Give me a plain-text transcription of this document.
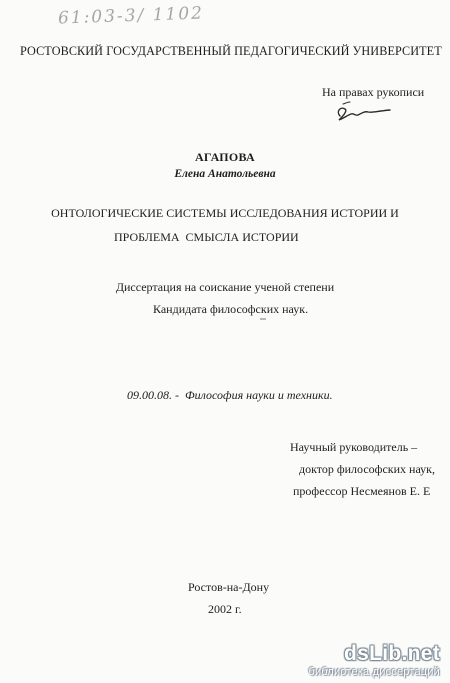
61:03-3/ 1102
РОСТОВСКИЙ ГОСУДАРСТВЕННЫЙ ПЕДАГОГИЧЕСКИЙ УНИВЕРСИТЕТ
На правах рукописи
АГАПОВА
Елена Анатольевна
ОНТОЛОГИЧЕСКИЕ СИСТЕМЫ ИССЛЕДОВАНИЯ ИСТОРИИ И
ПРОБЛЕМА  СМЫСЛА ИСТОРИИ
Диссертация на соискание ученой степени
Кандидата философских наук.
09.00.08. -  Философия науки и техники.
Научный руководитель –
доктор философских наук,
профессор Несмеянов Е. Е
Ростов-на-Дону
2002 г.
dsLib.net
библиотека диссертаций
